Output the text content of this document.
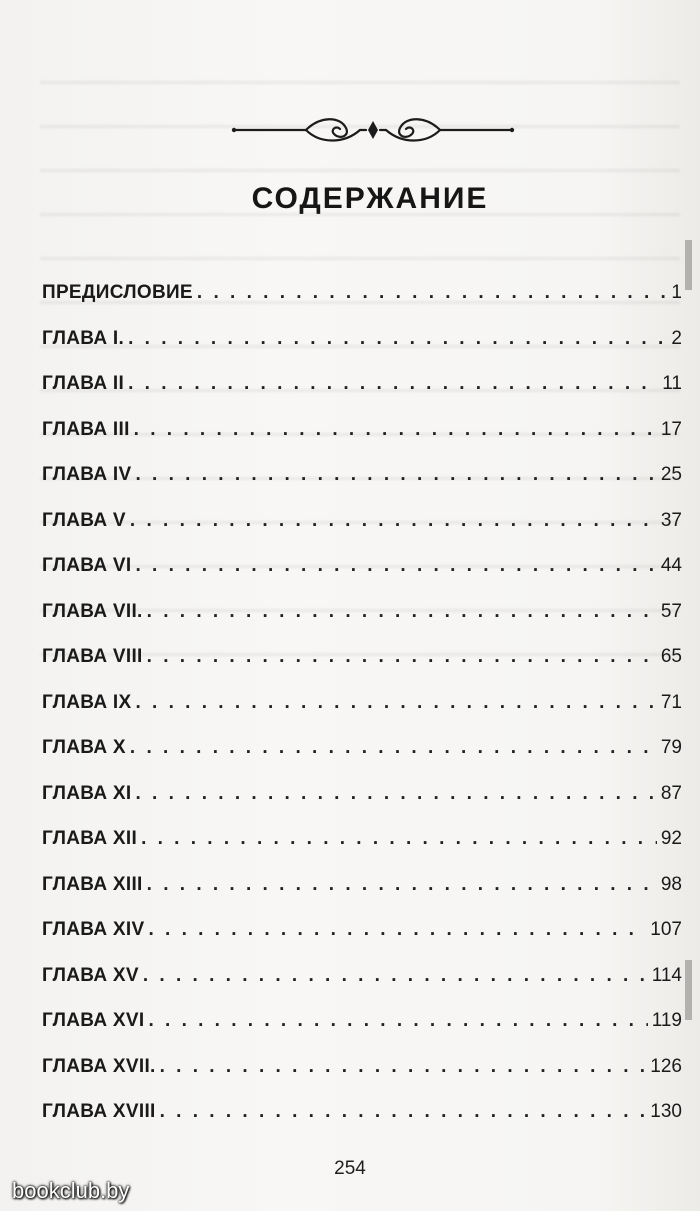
СОДЕРЖАНИЕ
ПРЕДИСЛОВИЕ . . .	1
ГЛАВА I. . . .	2
ГЛАВА II . . .	11
ГЛАВА III . . .	17
ГЛАВА IV . . .	25
ГЛАВА V . . .	37
ГЛАВА VI . . .	44
ГЛАВА VII. . . .	57
ГЛАВА VIII . . .	65
ГЛАВА IX . . .	71
ГЛАВА X . . .	79
ГЛАВА XI . . .	87
ГЛАВА XII . . .	92
ГЛАВА XIII . . .	98
ГЛАВА XIV . . .	107
ГЛАВА XV . . .	114
ГЛАВА XVI . . .	119
ГЛАВА XVII. . . .	126
ГЛАВА XVIII . . .	130
254
bookclub.by
